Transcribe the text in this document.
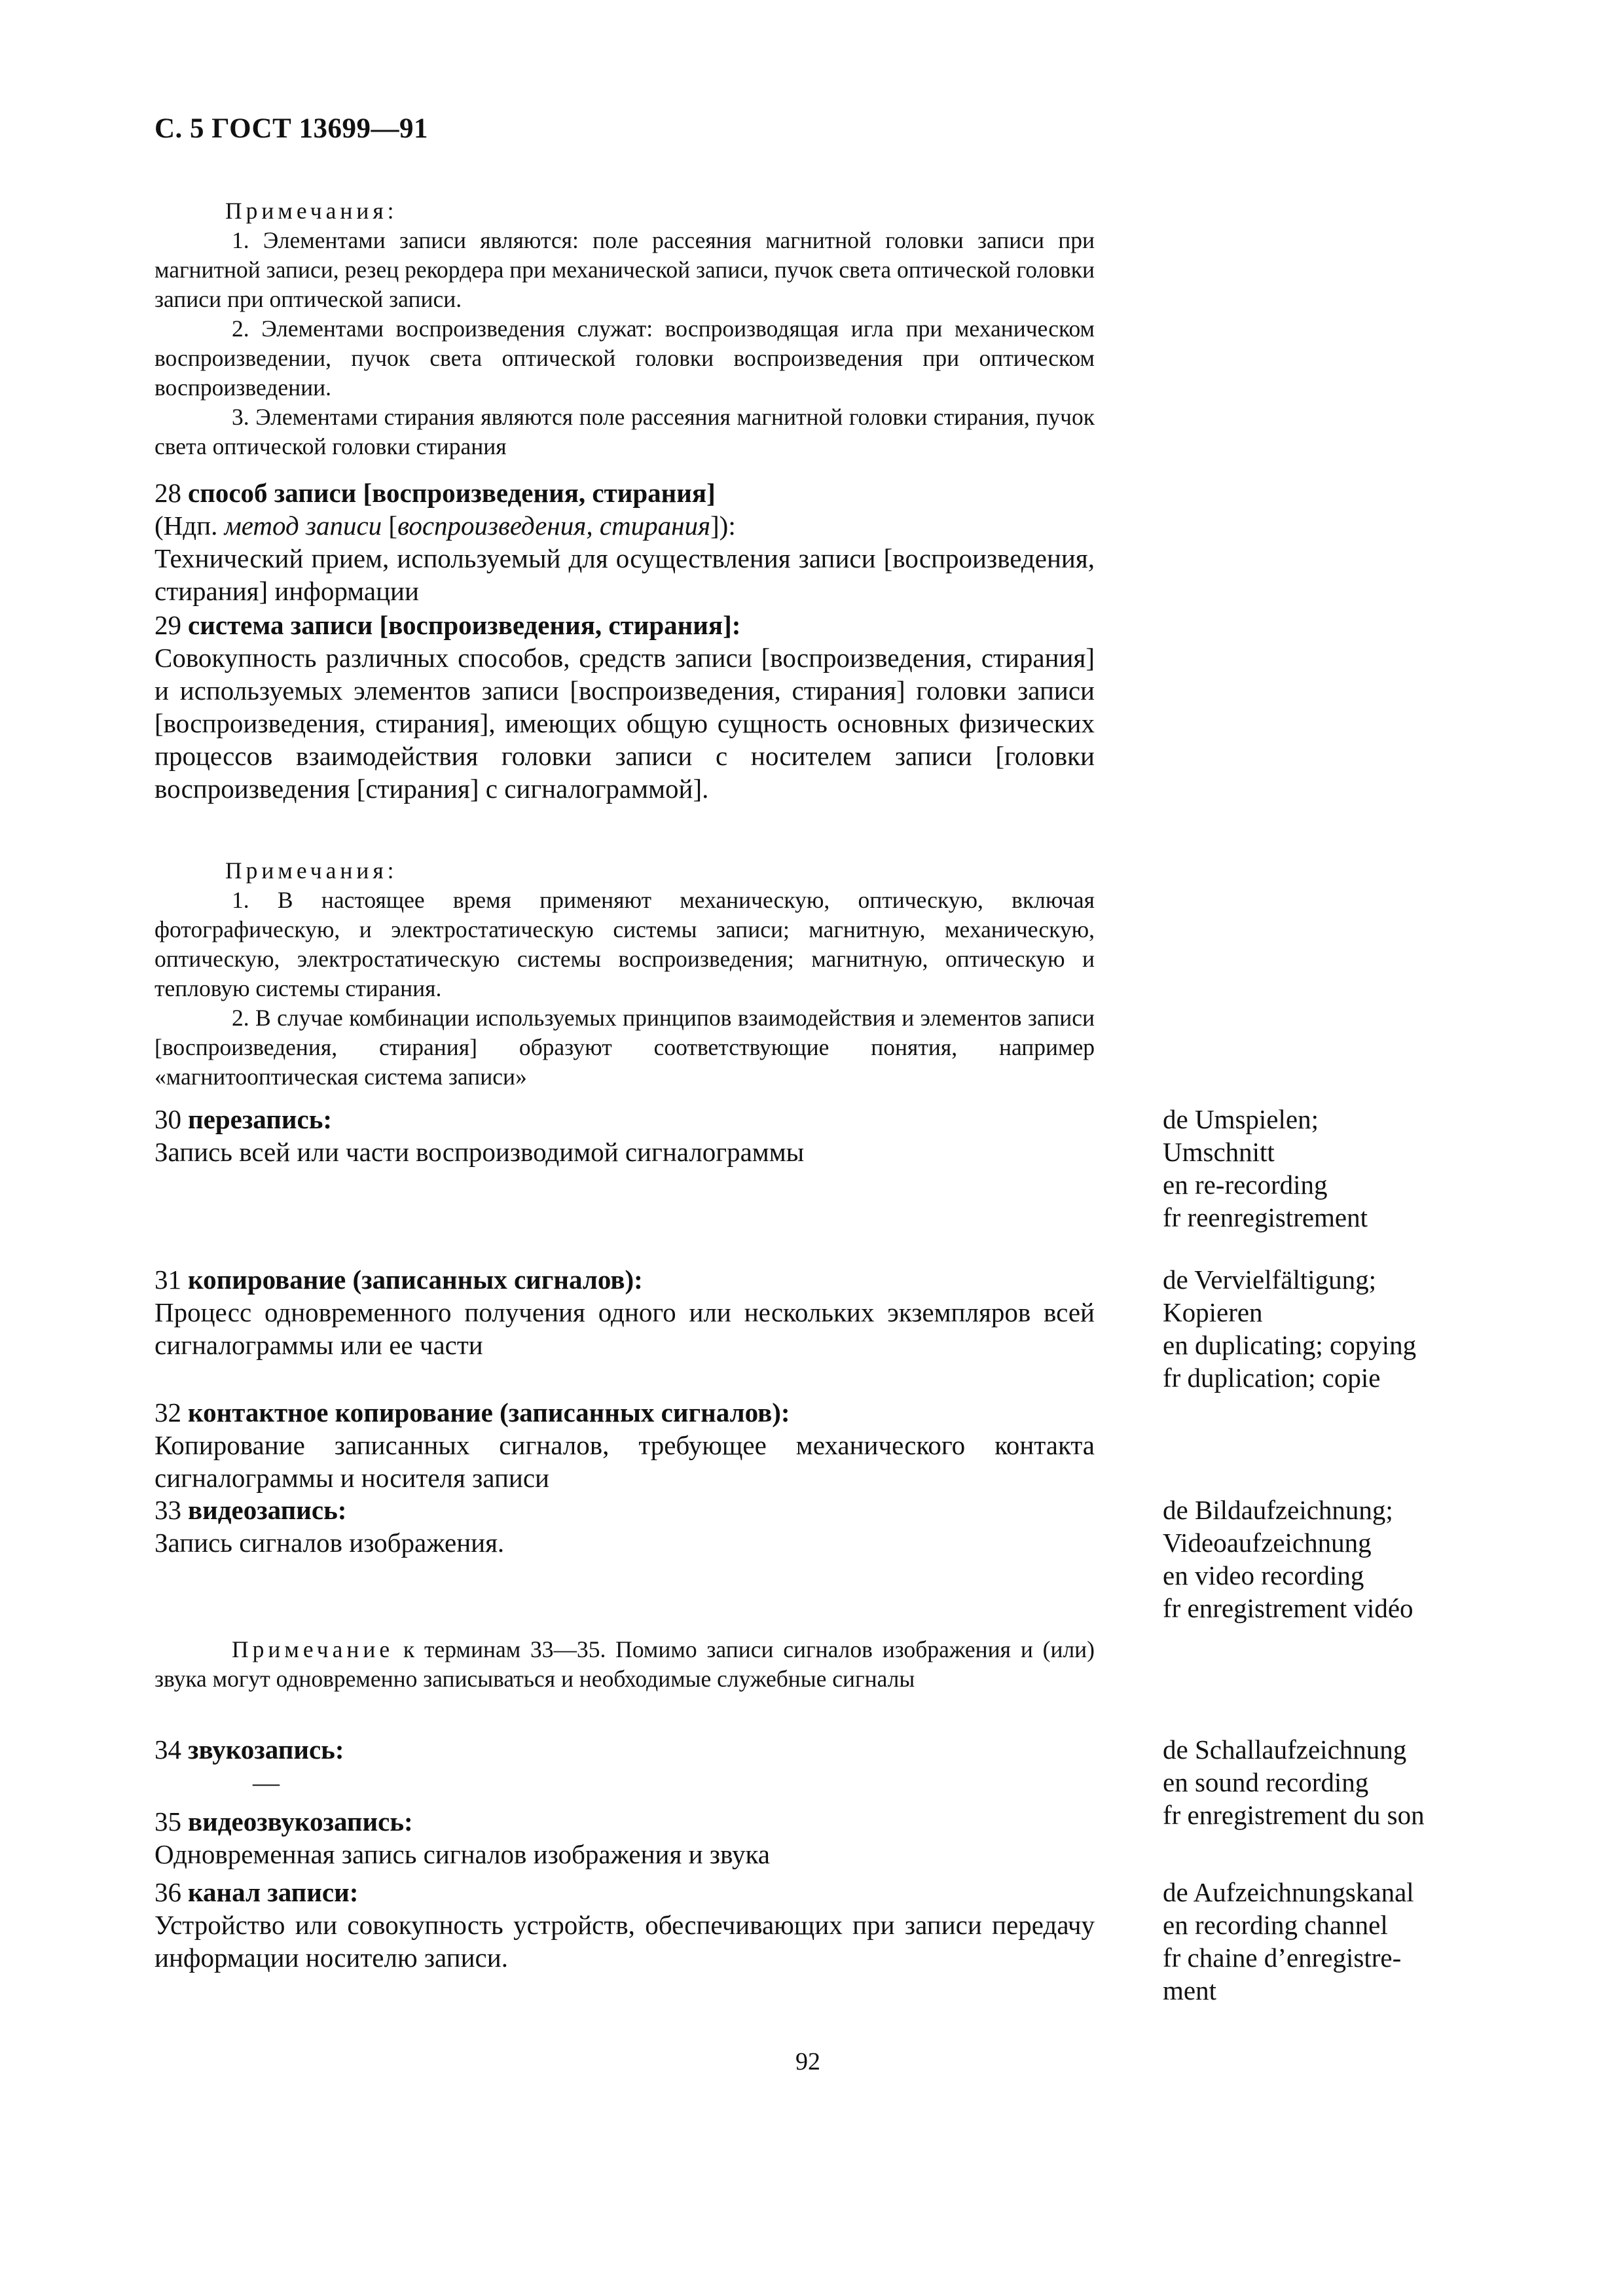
С. 5 ГОСТ 13699—91
Примечания:

1. Элементами записи являются: поле рассеяния магнитной головки записи при магнитной записи, резец рекордера при механической записи, пучок света оптической головки записи при оптической записи.

2. Элементами воспроизведения служат: воспроизводящая игла при механическом воспроизведении, пучок света оптической головки воспроизведения при оптическом воспроизведении.

3. Элементами стирания являются поле рассеяния магнитной головки стирания, пучок света оптической головки стирания

28 способ записи [воспроизведения, стирания]

(Ндп. метод записи [воспроизведения, стирания]):

Технический прием, используемый для осуществления записи [воспроизведения, стирания] информации

29 система записи [воспроизведения, стирания]:

Совокупность различных способов, средств записи [воспроизведения, стирания] и используемых элементов записи [воспроизведения, стирания] головки записи [воспроизведения, стирания], имеющих общую сущность основных физических процессов взаимодействия головки записи с носителем записи [головки воспроизведения [стирания] с сигналограммой].

Примечания:

1. В настоящее время применяют механическую, оптическую, включая фотографическую, и электростатическую системы записи; магнитную, механическую, оптическую, электростатическую системы воспроизведения; магнитную, оптическую и тепловую системы стирания.

2. В случае комбинации используемых принципов взаимодействия и элементов записи [воспроизведения, стирания] образуют соответствующие понятия, например «магнитооптическая система записи»

30 перезапись:

Запись всей или части воспроизводимой сигналограммы

de Umspielen;
Umschnitt
en re-recording
fr reenregistrement

31 копирование (записанных сигналов):

Процесс одновременного получения одного или нескольких экземпляров всей сигналограммы или ее части

de Vervielfältigung;
Kopieren
en duplicating; copying
fr duplication; copie

32 контактное копирование (записанных сигналов):

Копирование записанных сигналов, требующее механического контакта сигналограммы и носителя записи

33 видеозапись:

Запись сигналов изображения.

de Bildaufzeichnung;
Videoaufzeichnung
en video recording
fr enregistrement vidéo

Примечание к терминам 33—35. Помимо записи сигналов изображения и (или) звука могут одновременно записываться и необходимые служебные сигналы

34 звукозапись:

—

de Schallaufzeichnung
en sound recording
fr enregistrement du son

35 видеозвукозапись:

Одновременная запись сигналов изображения и звука

36 канал записи:

Устройство или совокупность устройств, обеспечивающих при записи передачу информации носителю записи.

de Aufzeichnungskanal
en recording channel
fr chaine d’enregistre-
ment
92
